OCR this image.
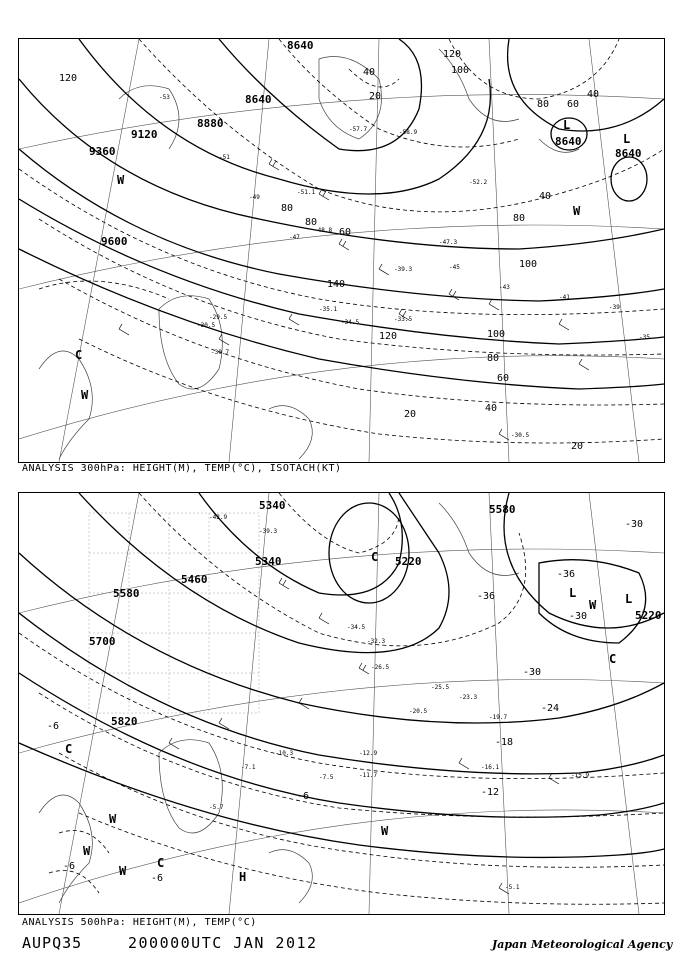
8640
8640
8880
9120
9360
9600
8640
8640
120
80
40
120
100
80 60
40
20
120
140
80
60
40
100
80
100
80
60
40
20
20
L
L
W
W
C
W
-53
-51
-49
-47
-45
-43
-41
-39
-35
-57.7	-58.9
-52.2
-51.1
-48.8
-47.3
-39.3
-35.1
-34.5	-33.5
-30.5
-29.5
-30.7
-30.5
ANALYSIS 300hPa: HEIGHT(M), TEMP(°C), ISOTACH(KT)
5340
5220
5580
5460
5340
5580
5700
5820
5220
-30
-36
-36
-30
-30
-24
-18
-12
-6
-6
-6
-6
C
L	L
C
W
W
C
W
C
H
W
W
-42.9
-39.3
-34.5
-32.3
-26.5
-25.5
-23.3
-20.5
-19.7
-16.1
-15.9
-12.9
-11.7
-10.3
-7.5
-7.1
-5.7
-5.1
ANALYSIS 500hPa: HEIGHT(M), TEMP(°C)
AUPQ35	200000UTC JAN 2012	Japan Meteorological Agency
